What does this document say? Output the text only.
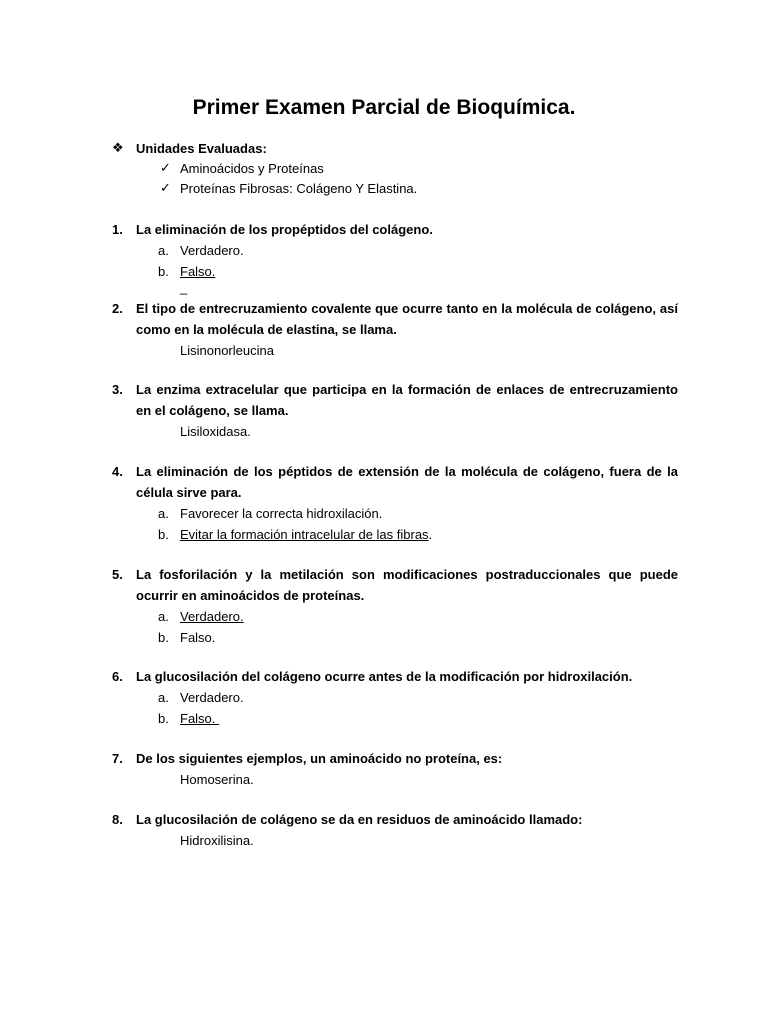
Primer Examen Parcial de Bioquímica.
❖ Unidades Evaluadas:
✓ Aminoácidos y Proteínas
✓ Proteínas Fibrosas: Colágeno Y Elastina.
1.	La eliminación de los propéptidos del colágeno.
a. Verdadero.
b. Falso.
_
2.	El tipo de entrecruzamiento covalente que ocurre tanto en la molécula de colágeno, así como en la molécula de elastina, se llama.
Lisinonorleucina
3.	La enzima extracelular que participa en la formación de enlaces de entrecruzamiento en el colágeno, se llama.
Lisiloxidasa.
4.	La eliminación de los péptidos de extensión de la molécula de colágeno, fuera de la célula sirve para.
a. Favorecer la correcta hidroxilación.
b. Evitar la formación intracelular de las fibras.
5.	La fosforilación y la metilación son modificaciones postraduccionales que puede ocurrir en aminoácidos de proteínas.
a. Verdadero.
b. Falso.
6.	La glucosilación del colágeno ocurre antes de la modificación por hidroxilación.
a. Verdadero.
b. Falso.
7.	De los siguientes ejemplos, un aminoácido no proteína, es:
Homoserina.
8.	La glucosilación de colágeno se da en residuos de aminoácido llamado:
Hidroxilisina.
